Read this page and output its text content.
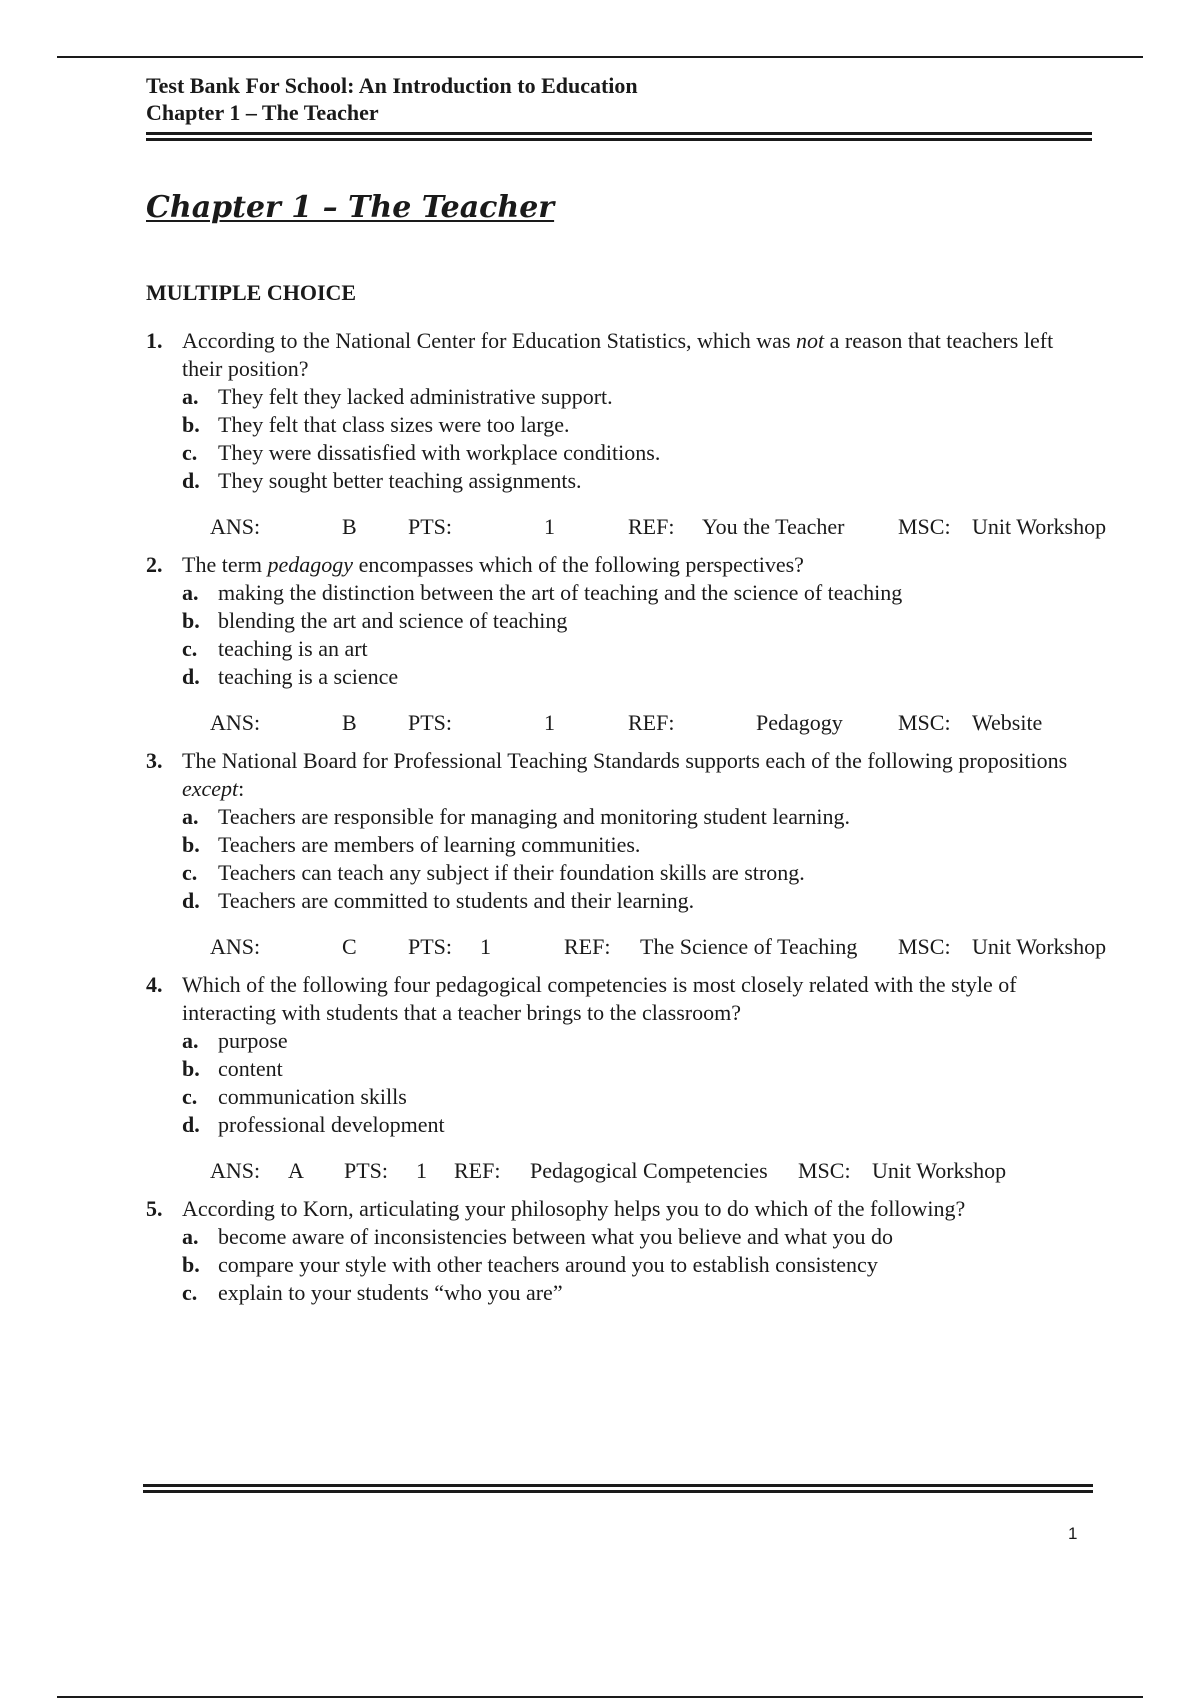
Test Bank For School: An Introduction to Education
Chapter 1 – The Teacher
Chapter 1 – The Teacher
MULTIPLE CHOICE
1. According to the National Center for Education Statistics, which was not a reason that teachers left their position?
a. They felt they lacked administrative support.
b. They felt that class sizes were too large.
c. They were dissatisfied with workplace conditions.
d. They sought better teaching assignments.
ANS:	B PTS:	1	REF: You the Teacher MSC: Unit Workshop
2. The term pedagogy encompasses which of the following perspectives?
a. making the distinction between the art of teaching and the science of teaching
b. blending the art and science of teaching
c. teaching is an art
d. teaching is a science
ANS:	B PTS:	1	REF:	Pedagogy	MSC: Website
3. The National Board for Professional Teaching Standards supports each of the following propositions except:
a. Teachers are responsible for managing and monitoring student learning.
b. Teachers are members of learning communities.
c. Teachers can teach any subject if their foundation skills are strong.
d. Teachers are committed to students and their learning.
ANS:	C PTS: 1	REF: The Science of Teaching MSC: Unit Workshop
4. Which of the following four pedagogical competencies is most closely related with the style of interacting with students that a teacher brings to the classroom?
a. purpose
b. content
c. communication skills
d. professional development
ANS: A PTS: 1 REF: Pedagogical Competencies MSC: Unit Workshop
5. According to Korn, articulating your philosophy helps you to do which of the following?
a. become aware of inconsistencies between what you believe and what you do
b. compare your style with other teachers around you to establish consistency
c. explain to your students “who you are”
1
